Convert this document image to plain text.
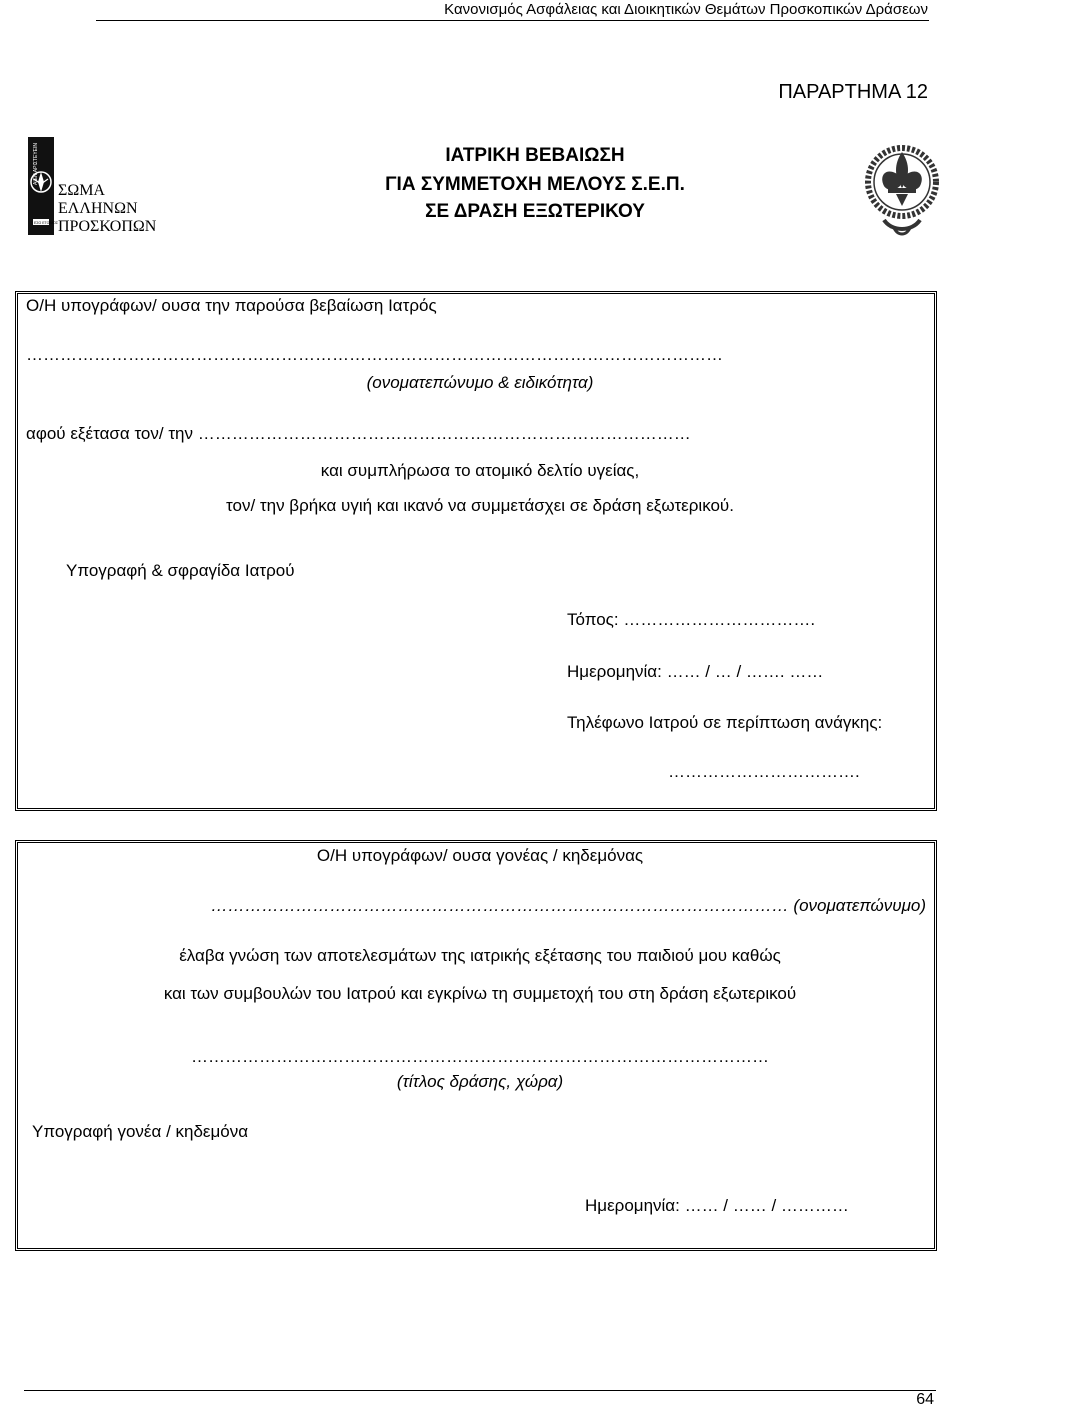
Κανονισμός Ασφάλειας και Διοικητικών Θεμάτων Προσκοπικών Δράσεων
ΠΑΡΑΡΤΗΜΑ 12
ΑΙΕΝ ΑΡΙΣΤΕΥΕΙΝ
ΕΣΟ ΕΤΟΙΜΟΣ
ΣΩΜΑ
ΕΛΛΗΝΩΝ
ΠΡΟΣΚΟΠΩΝ
ΙΑΤΡΙΚΗ ΒΕΒΑΙΩΣΗ
ΓΙΑ ΣΥΜΜΕΤΟΧΗ ΜΕΛΟΥΣ Σ.Ε.Π.
ΣΕ ΔΡΑΣΗ ΕΞΩΤΕΡΙΚΟΥ
Ο/Η υπογράφων/ ουσα την παρούσα βεβαίωση Ιατρός
……………………………………………………………………………………………………………
(ονοματεπώνυμο & ειδικότητα)
αφού εξέτασα τον/ την ……………………………………………………………………………
και συμπλήρωσα το ατομικό δελτίο υγείας,
τον/ την βρήκα υγιή και ικανό να συμμετάσχει σε δράση εξωτερικού.
Υπογραφή & σφραγίδα Ιατρού
Τόπος: …………………………….
Ημερομηνία: …… / … / ……. ……
Τηλέφωνο Ιατρού σε περίπτωση ανάγκης:
…………………………….
Ο/Η υπογράφων/ ουσα γονέας / κηδεμόνας
………………………………………………………………………………………… (ονοματεπώνυμο)
έλαβα γνώση των αποτελεσμάτων της ιατρικής εξέτασης του παιδιού μου καθώς
και των συμβουλών του Ιατρού και εγκρίνω τη συμμετοχή του στη δράση εξωτερικού
…………………………………………………………………………………………
(τίτλος δράσης, χώρα)
Υπογραφή γονέα / κηδεμόνα
Ημερομηνία: …… / …… / …………
64
